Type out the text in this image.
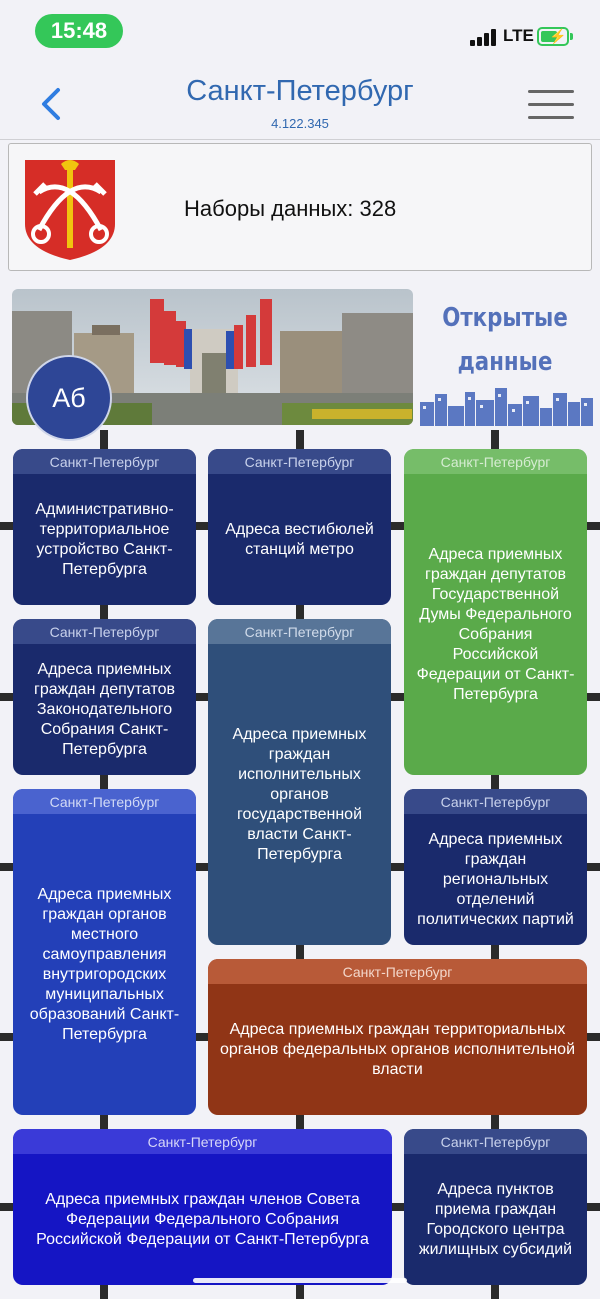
15:48	LTE ⚡
Санкт-Петербург
4.122.345
Наборы данных: 328
Аб
Открытые
данные
Санкт-Петербург
Административно-территориальное устройство Санкт-Петербурга
Санкт-Петербург
Адреса вестибюлей станций метро
Санкт-Петербург
Адреса приемных граждан депутатов Государственной Думы Федерального Собрания Российской Федерации от Санкт-Петербурга
Санкт-Петербург
Адреса приемных граждан депутатов Законодательного Собрания Санкт-Петербурга
Санкт-Петербург
Адреса приемных граждан исполнительных органов государственной власти Санкт-Петербурга
Санкт-Петербург
Адреса приемных граждан органов местного самоуправления внутригородских муниципальных образований Санкт-Петербурга
Санкт-Петербург
Адреса приемных граждан региональных отделений политических партий
Санкт-Петербург
Адреса приемных граждан территориальных органов федеральных органов исполнительной власти
Санкт-Петербург
Адреса приемных граждан членов Совета Федерации Федерального Собрания Российской Федерации от Санкт-Петербурга
Санкт-Петербург
Адреса пунктов приема граждан Городского центра жилищных субсидий
